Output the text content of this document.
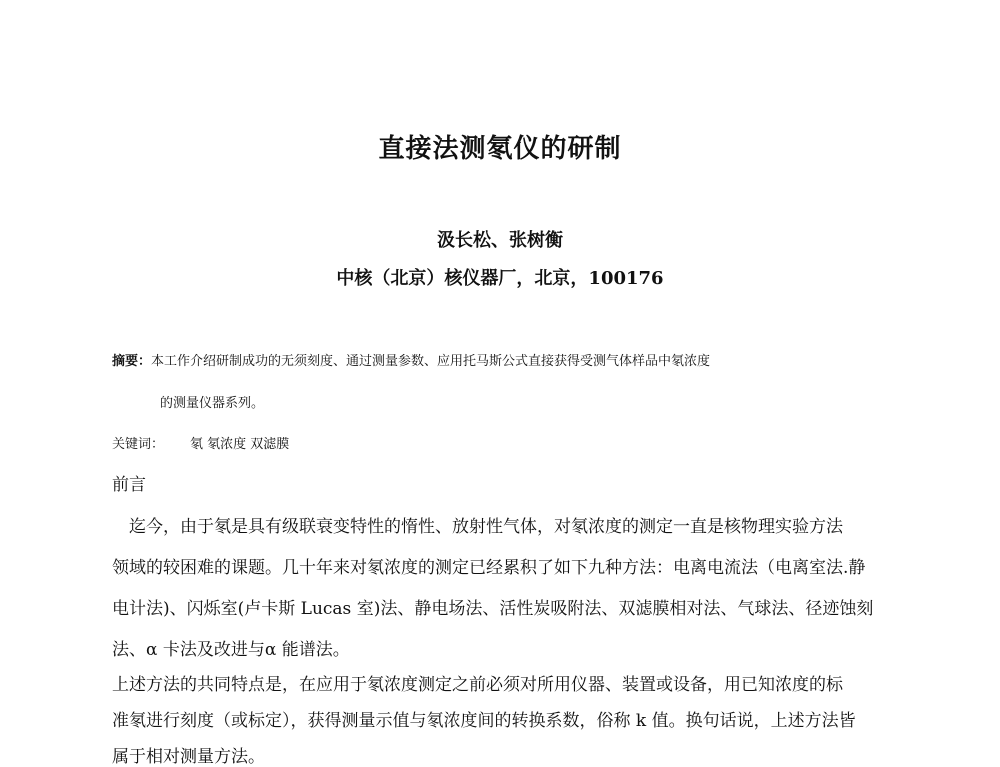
直接法测氡仪的研制
汲长松、张树衡
中核（北京）核仪器厂，北京，100176
摘要：本工作介绍研制成功的无须刻度、通过测量参数、应用托马斯公式直接获得受测气体样品中氡浓度
的测量仪器系列。
关键词： 氡 氡浓度 双滤膜
前言
　迄今，由于氡是具有级联衰变特性的惰性、放射性气体，对氡浓度的测定一直是核物理实验方法
领域的较困难的课题。几十年来对氡浓度的测定已经累积了如下九种方法：电离电流法（电离室法.静
电计法)、闪烁室(卢卡斯 Lucas 室)法、静电场法、活性炭吸附法、双滤膜相对法、气球法、径迹蚀刻
法、α 卡法及改进与α 能谱法。
上述方法的共同特点是，在应用于氡浓度测定之前必须对所用仪器、装置或设备，用已知浓度的标
准氡进行刻度（或标定），获得测量示值与氡浓度间的转换系数，俗称 k 值。换句话说，上述方法皆
属于相对测量方法。
